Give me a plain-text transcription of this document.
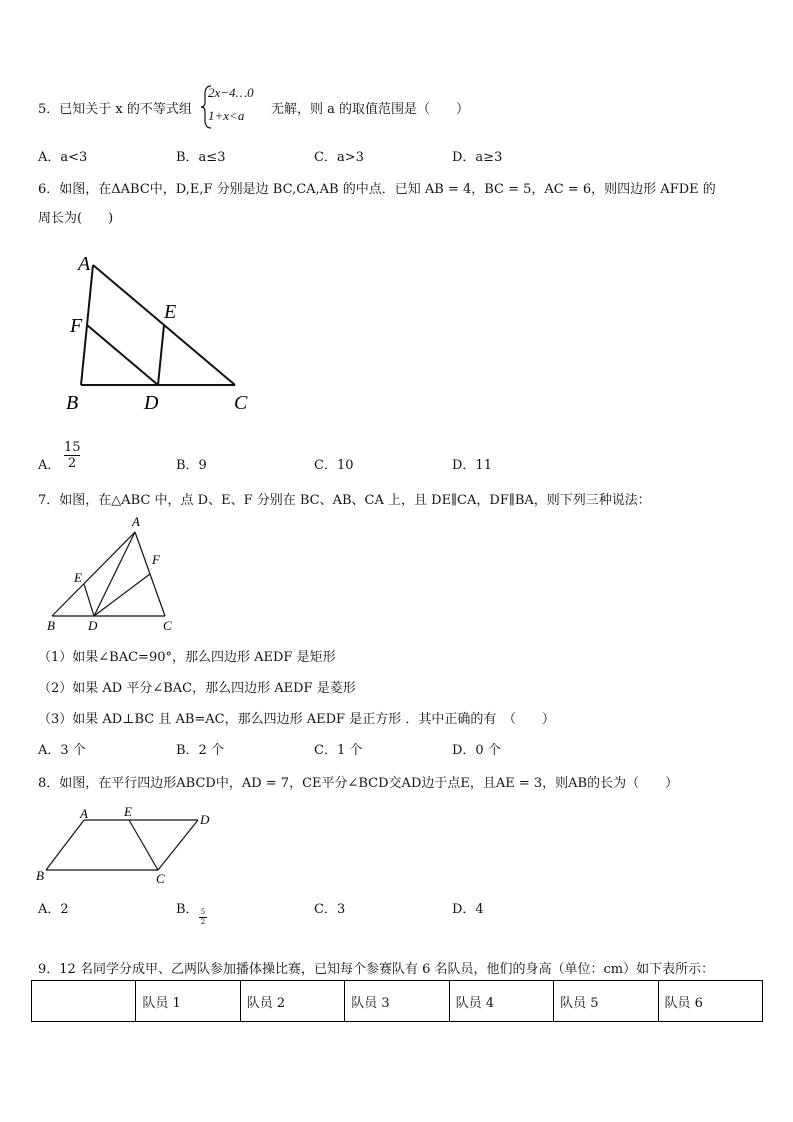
5．已知关于 x 的不等式组
2x−4…0
1+x<a 无解，则 a 的取值范围是（　　）
A．a<3	B．a≤3	C．a>3	D．a≥3
6．如图，在ΔABC中，D,E,F 分别是边 BC,CA,AB 的中点．已知 AB = 4，BC = 5，AC = 6，则四边形 AFDE 的
周长为(　　)
A
F
E
B	D	C
A． $\frac{15}{2}$	B．9	C．10	D．11
7．如图，在△ABC 中，点 D、E、F 分别在 BC、AB、CA 上，且 DE∥CA，DF∥BA，则下列三种说法：
A
E
F
B	D	C
（1）如果∠BAC=90°，那么四边形 AEDF 是矩形
（2）如果 AD 平分∠BAC，那么四边形 AEDF 是菱形
（3）如果 AD⊥BC 且 AB=AC，那么四边形 AEDF 是正方形 ．其中正确的有　（　　）
A．3 个	B．2 个	C．1 个	D．0 个
8．如图，在平行四边形ABCD中，AD = 7，CE平分∠BCD交AD边于点E，且AE = 3，则AB的长为（　　）
A	E
D
B	C
A．2	B． $\frac{5}{2}$	C．3	D．4
9．12 名同学分成甲、乙两队参加播体操比赛，已知每个参赛队有 6 名队员，他们的身高（单位：cm）如下表所示：
	队员 1	队员 2	队员 3	队员 4	队员 5	队员 6
